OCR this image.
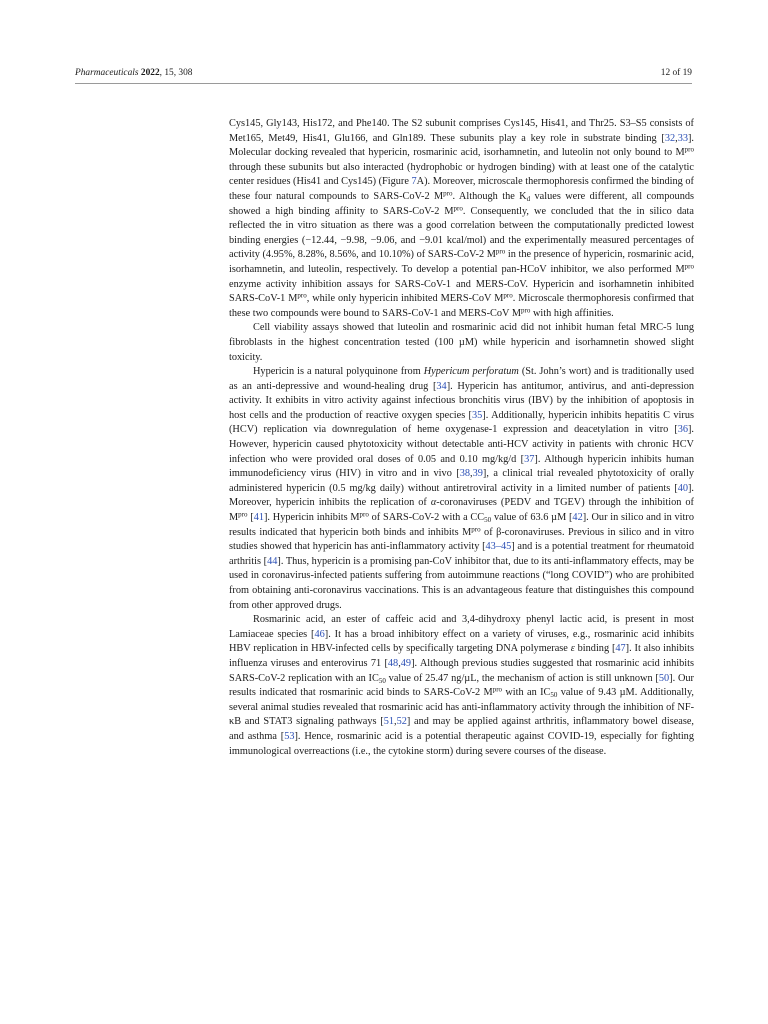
Pharmaceuticals 2022, 15, 308	12 of 19

Cys145, Gly143, His172, and Phe140. The S2 subunit comprises Cys145, His41, and Thr25. S3–S5 consists of Met165, Met49, His41, Glu166, and Gln189. These subunits play a key role in substrate binding [32,33]. Molecular docking revealed that hypericin, rosmarinic acid, isorhamnetin, and luteolin not only bound to $M^{pro}$ through these subunits but also interacted (hydrophobic or hydrogen binding) with at least one of the catalytic center residues (His41 and Cys145) (Figure 7A). Moreover, microscale thermophoresis confirmed the binding of these four natural compounds to SARS-CoV-2 $M^{pro}$. Although the $K_d$ values were different, all compounds showed a high binding affinity to SARS-CoV-2 $M^{pro}$. Consequently, we concluded that the in silico data reflected the in vitro situation as there was a good correlation between the computationally predicted lowest binding energies (−12.44, −9.98, −9.06, and −9.01 kcal/mol) and the experimentally measured percentages of activity (4.95%, 8.28%, 8.56%, and 10.10%) of SARS-CoV-2 $M^{pro}$ in the presence of hypericin, rosmarinic acid, isorhamnetin, and luteolin, respectively. To develop a potential pan-HCoV inhibitor, we also performed $M^{pro}$ enzyme activity inhibition assays for SARS-CoV-1 and MERS-CoV. Hypericin and isorhamnetin inhibited SARS-CoV-1 $M^{pro}$, while only hypericin inhibited MERS-CoV $M^{pro}$. Microscale thermophoresis confirmed that these two compounds were bound to SARS-CoV-1 and MERS-CoV $M^{pro}$ with high affinities.

Cell viability assays showed that luteolin and rosmarinic acid did not inhibit human fetal MRC-5 lung fibroblasts in the highest concentration tested (100 µM) while hypericin and isorhamnetin showed slight toxicity.

Hypericin is a natural polyquinone from Hypericum perforatum (St. John’s wort) and is traditionally used as an anti-depressive and wound-healing drug [34]. Hypericin has antitumor, antivirus, and anti-depression activity. It exhibits in vitro activity against infectious bronchitis virus (IBV) by the inhibition of apoptosis in host cells and the production of reactive oxygen species [35]. Additionally, hypericin inhibits hepatitis C virus (HCV) replication via downregulation of heme oxygenase-1 expression and deacetylation in vitro [36]. However, hypericin caused phytotoxicity without detectable anti-HCV activity in patients with chronic HCV infection who were provided oral doses of 0.05 and 0.10 mg/kg/d [37]. Although hypericin inhibits human immunodeficiency virus (HIV) in vitro and in vivo [38,39], a clinical trial revealed phytotoxicity of orally administered hypericin (0.5 mg/kg daily) without antiretroviral activity in a limited number of patients [40]. Moreover, hypericin inhibits the replication of α-coronaviruses (PEDV and TGEV) through the inhibition of $M^{pro}$ [41]. Hypericin inhibits $M^{pro}$ of SARS-CoV-2 with a $CC_{50}$ value of 63.6 µM [42]. Our in silico and in vitro results indicated that hypericin both binds and inhibits $M^{pro}$ of β-coronaviruses. Previous in silico and in vitro studies showed that hypericin has anti-inflammatory activity [43–45] and is a potential treatment for rheumatoid arthritis [44]. Thus, hypericin is a promising pan-CoV inhibitor that, due to its anti-inflammatory effects, may be used in coronavirus-infected patients suffering from autoimmune reactions (“long COVID”) who are prohibited from obtaining anti-coronavirus vaccinations. This is an advantageous feature that distinguishes this compound from other approved drugs.

Rosmarinic acid, an ester of caffeic acid and 3,4-dihydroxy phenyl lactic acid, is present in most Lamiaceae species [46]. It has a broad inhibitory effect on a variety of viruses, e.g., rosmarinic acid inhibits HBV replication in HBV-infected cells by specifically targeting DNA polymerase ε binding [47]. It also inhibits influenza viruses and enterovirus 71 [48,49]. Although previous studies suggested that rosmarinic acid inhibits SARS-CoV-2 replication with an $IC_{50}$ value of 25.47 ng/µL, the mechanism of action is still unknown [50]. Our results indicated that rosmarinic acid binds to SARS-CoV-2 $M^{pro}$ with an $IC_{50}$ value of 9.43 µM. Additionally, several animal studies revealed that rosmarinic acid has anti-inflammatory activity through the inhibition of NF-κB and STAT3 signaling pathways [51,52] and may be applied against arthritis, inflammatory bowel disease, and asthma [53]. Hence, rosmarinic acid is a potential therapeutic against COVID-19, especially for fighting immunological overreactions (i.e., the cytokine storm) during severe courses of the disease.
